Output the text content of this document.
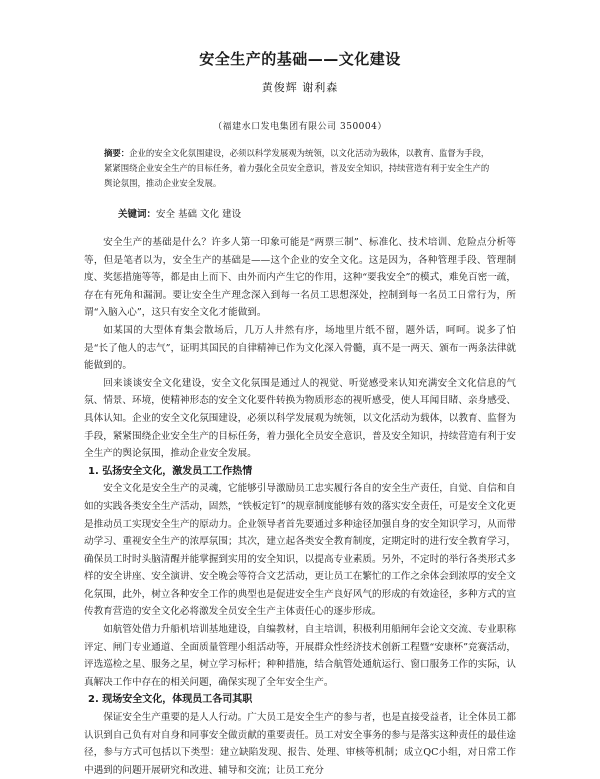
安全生产的基础——文化建设
黄俊辉 谢利森
（福建水口发电集团有限公司 350004）
摘要：企业的安全文化氛围建设，必须以科学发展观为统领，以文化活动为载体，以教育、监督为手段，紧紧围绕企业安全生产的目标任务，着力强化全员安全意识，普及安全知识，持续营造有利于安全生产的舆论氛围，推动企业安全发展。
关键词：安全 基础 文化 建设

安全生产的基础是什么？许多人第一印象可能是“两票三制”、标准化、技术培训、危险点分析等等，但是笔者以为，安全生产的基础是——这个企业的安全文化。这是因为，各种管理手段、管理制度、奖惩措施等等，都是由上而下、由外而内产生它的作用，这种“要我安全”的模式，难免百密一疏，存在有死角和漏洞。要让安全生产理念深入到每一名员工思想深处，控制到每一名员工日常行为，所谓“入脑入心”，这只有安全文化才能做到。

如某国的大型体育集会散场后，几万人井然有序，场地里片纸不留，题外话，呵呵。说多了怕是“长了他人的志气”，证明其国民的自律精神已作为文化深入骨髓，真不是一两天、颁布一两条法律就能做到的。

回来谈谈安全文化建设，安全文化氛围是通过人的视觉、听觉感受来认知充满安全文化信息的气氛、情景、环境，使精神形态的安全文化要件转换为物质形态的视听感受，使人耳闻目睹、亲身感受、具体认知。企业的安全文化氛围建设，必须以科学发展观为统领，以文化活动为载体，以教育、监督为手段，紧紧围绕企业安全生产的目标任务，着力强化全员安全意识，普及安全知识，持续营造有利于安全生产的舆论氛围，推动企业安全发展。

1. 弘扬安全文化，激发员工工作热情

安全文化是安全生产的灵魂，它能够引导激励员工忠实履行各自的安全生产责任，自觉、自信和自如的实践各类安全生产活动，固然，“铁板定钉”的规章制度能够有效的落实安全责任，可是安全文化更是推动员工实现安全生产的原动力。企业领导者首先要通过多种途径加强自身的安全知识学习，从而带动学习、重视安全生产的浓厚氛围；其次，建立起各类安全教育制度，定期定时的进行安全教育学习，确保员工时时头脑清醒并能掌握到实用的安全知识，以提高专业素质。另外，不定时的举行各类形式多样的安全讲座、安全演讲、安全晚会等符合文艺活动，更让员工在繁忙的工作之余体会到浓厚的安全文化氛围，此外，树立各种安全工作的典型也是促进安全生产良好风气的形成的有效途径，多种方式的宣传教育营造的安全文化必将激发全员安全生产主体责任心的逐步形成。

如航管处借力升船机培训基地建设，自编教材，自主培训，积极利用船闸年会论文交流、专业职称评定、闸门专业通道、全面质量管理小组活动等，开展群众性经济技术创新工程暨“安康杯”竞赛活动，评选巡检之星、服务之星，树立学习标杆；种种措施，结合航管处通航运行、窗口服务工作的实际，认真解决工作中存在的相关问题，确保实现了全年安全生产。

2. 现场安全文化，体现员工各司其职

保证安全生产重要的是人人行动。广大员工是安全生产的参与者，也是直接受益者，让全体员工都认识到自己负有对自身和同事安全做贡献的重要责任。员工对安全事务的参与是落实这种责任的最佳途径，参与方式可包括以下类型：建立缺陷发现、报告、处理、审核等机制；成立QC小组，对日常工作中遇到的问题开展研究和改进、辅导和交流；让员工充分
